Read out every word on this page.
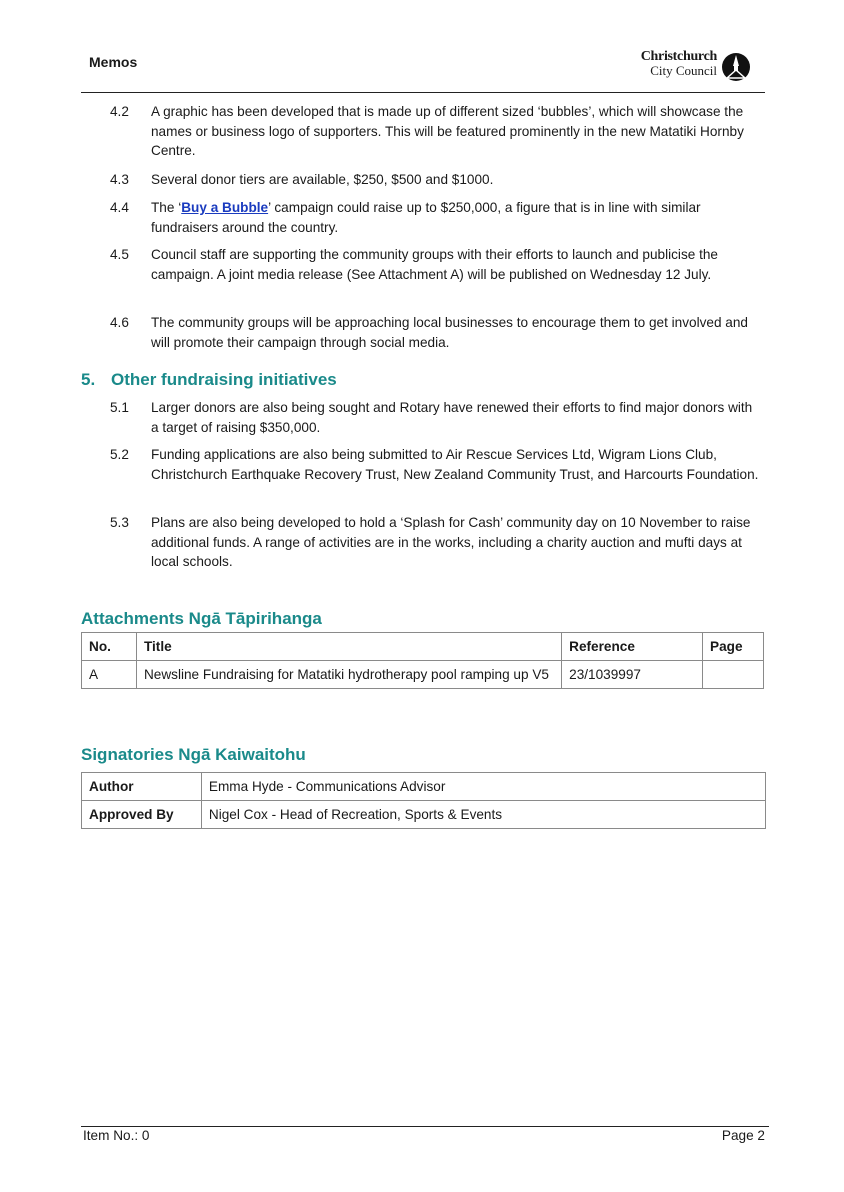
Memos	Christchurch
City Council
4.2	A graphic has been developed that is made up of different sized ‘bubbles’, which will showcase the names or business logo of supporters. This will be featured prominently in the new Matatiki Hornby Centre.
4.3	Several donor tiers are available, $250, $500 and $1000.
4.4	The ‘Buy a Bubble’ campaign could raise up to $250,000, a figure that is in line with similar fundraisers around the country.
4.5	Council staff are supporting the community groups with their efforts to launch and publicise the campaign. A joint media release (See Attachment A) will be published on Wednesday 12 July.
4.6	The community groups will be approaching local businesses to encourage them to get involved and will promote their campaign through social media.
5. Other fundraising initiatives
5.1	Larger donors are also being sought and Rotary have renewed their efforts to find major donors with a target of raising $350,000.
5.2	Funding applications are also being submitted to Air Rescue Services Ltd, Wigram Lions Club, Christchurch Earthquake Recovery Trust, New Zealand Community Trust, and Harcourts Foundation.
5.3	Plans are also being developed to hold a ‘Splash for Cash’ community day on 10 November to raise additional funds. A range of activities are in the works, including a charity auction and mufti days at local schools.
Attachments Ngā Tāpirihanga
No.	Title	Reference	Page
A	Newsline Fundraising for Matatiki hydrotherapy pool ramping up V5	23/1039997	
Signatories Ngā Kaiwaitohu
Author	Emma Hyde - Communications Advisor
Approved By	Nigel Cox - Head of Recreation, Sports & Events
Item No.: 0	Page 2
